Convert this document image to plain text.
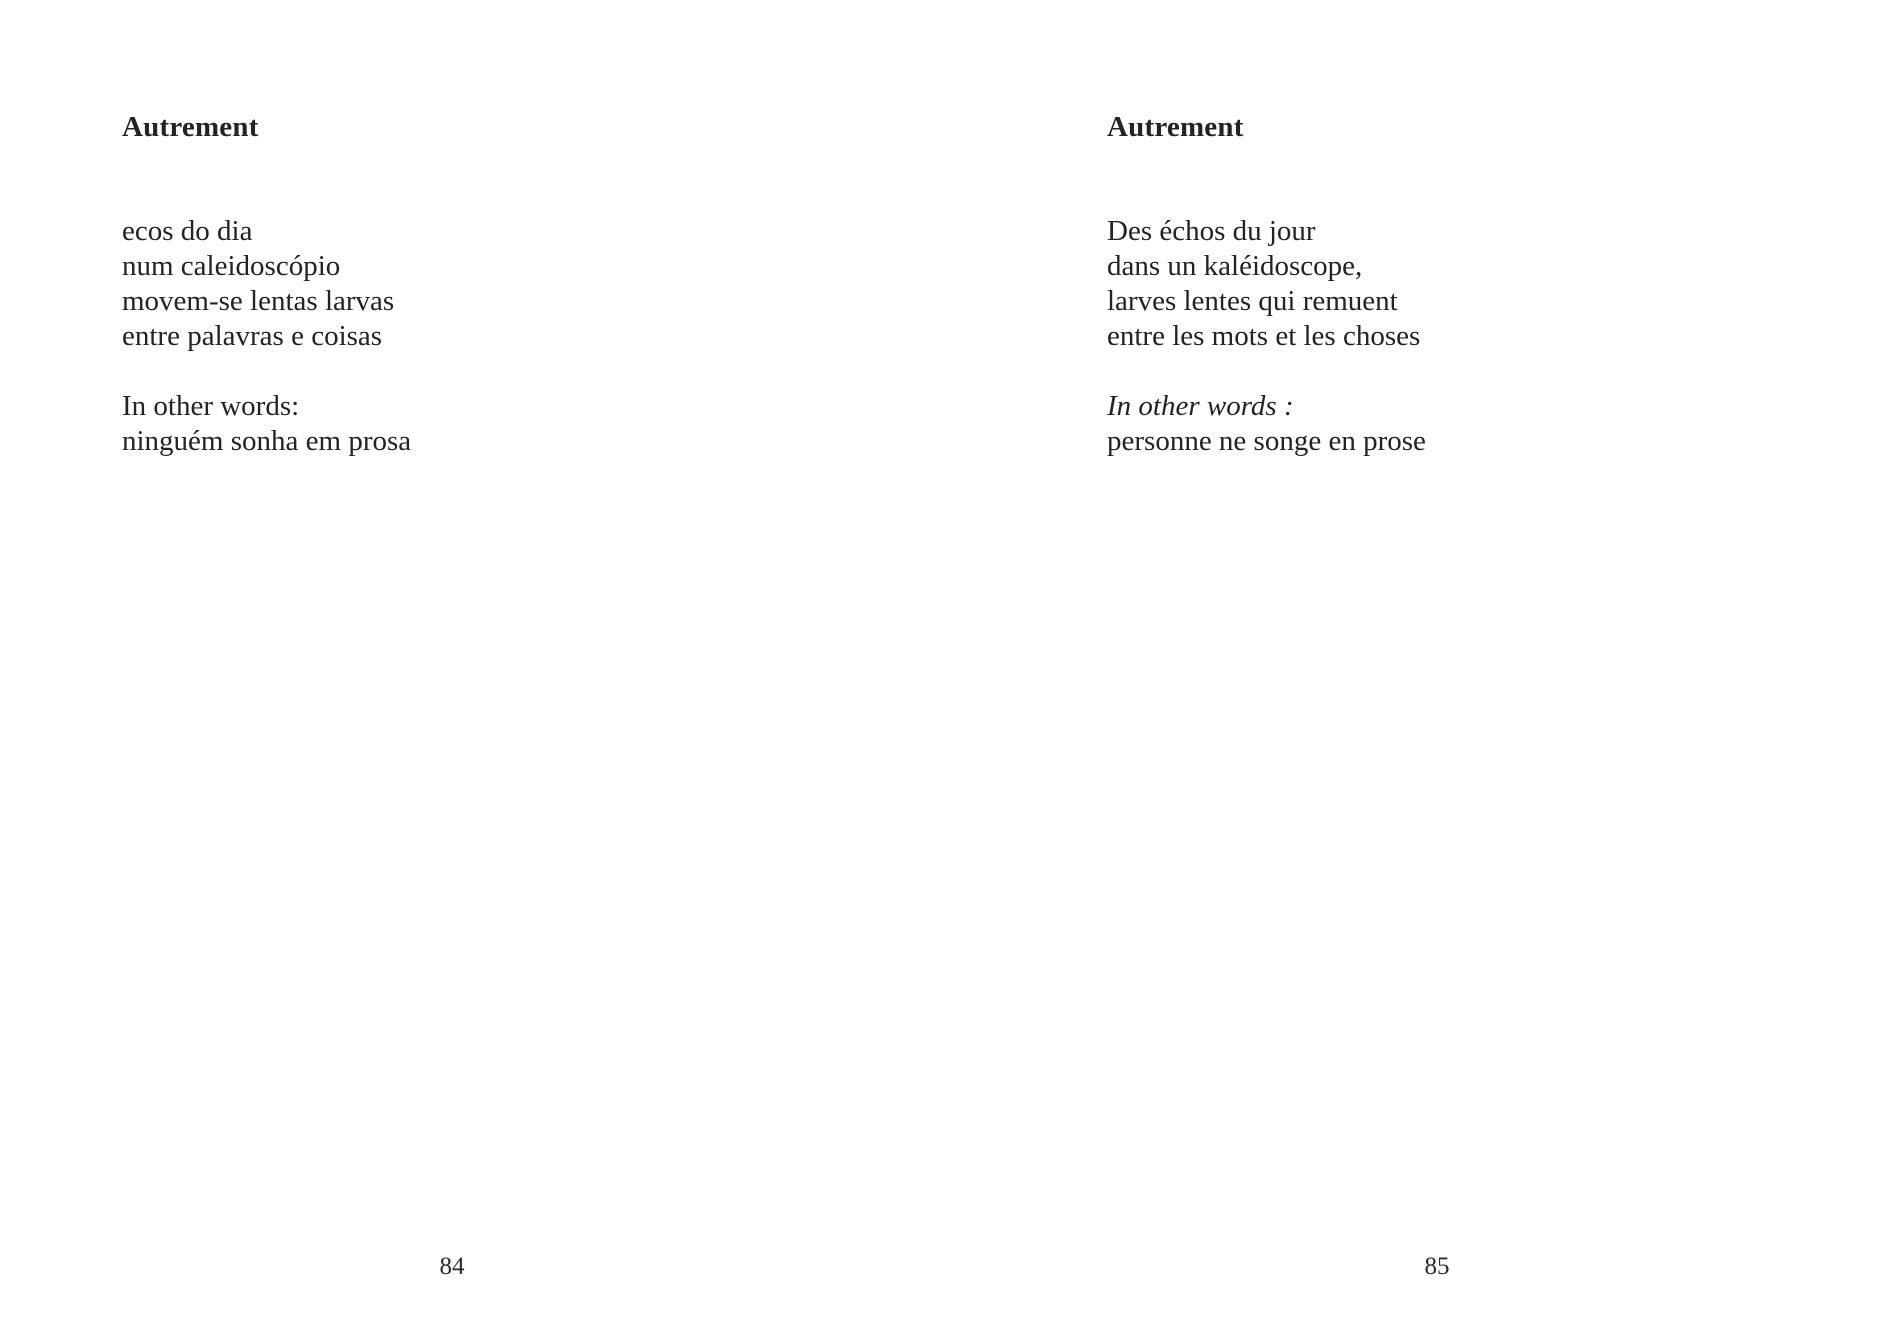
Autrement
ecos do dia
num caleidoscópio
movem-se lentas larvas
entre palavras e coisas
In other words:
ninguém sonha em prosa
84
Autrement
Des échos du jour
dans un kaléidoscope,
larves lentes qui remuent
entre les mots et les choses
In other words :
personne ne songe en prose
85
